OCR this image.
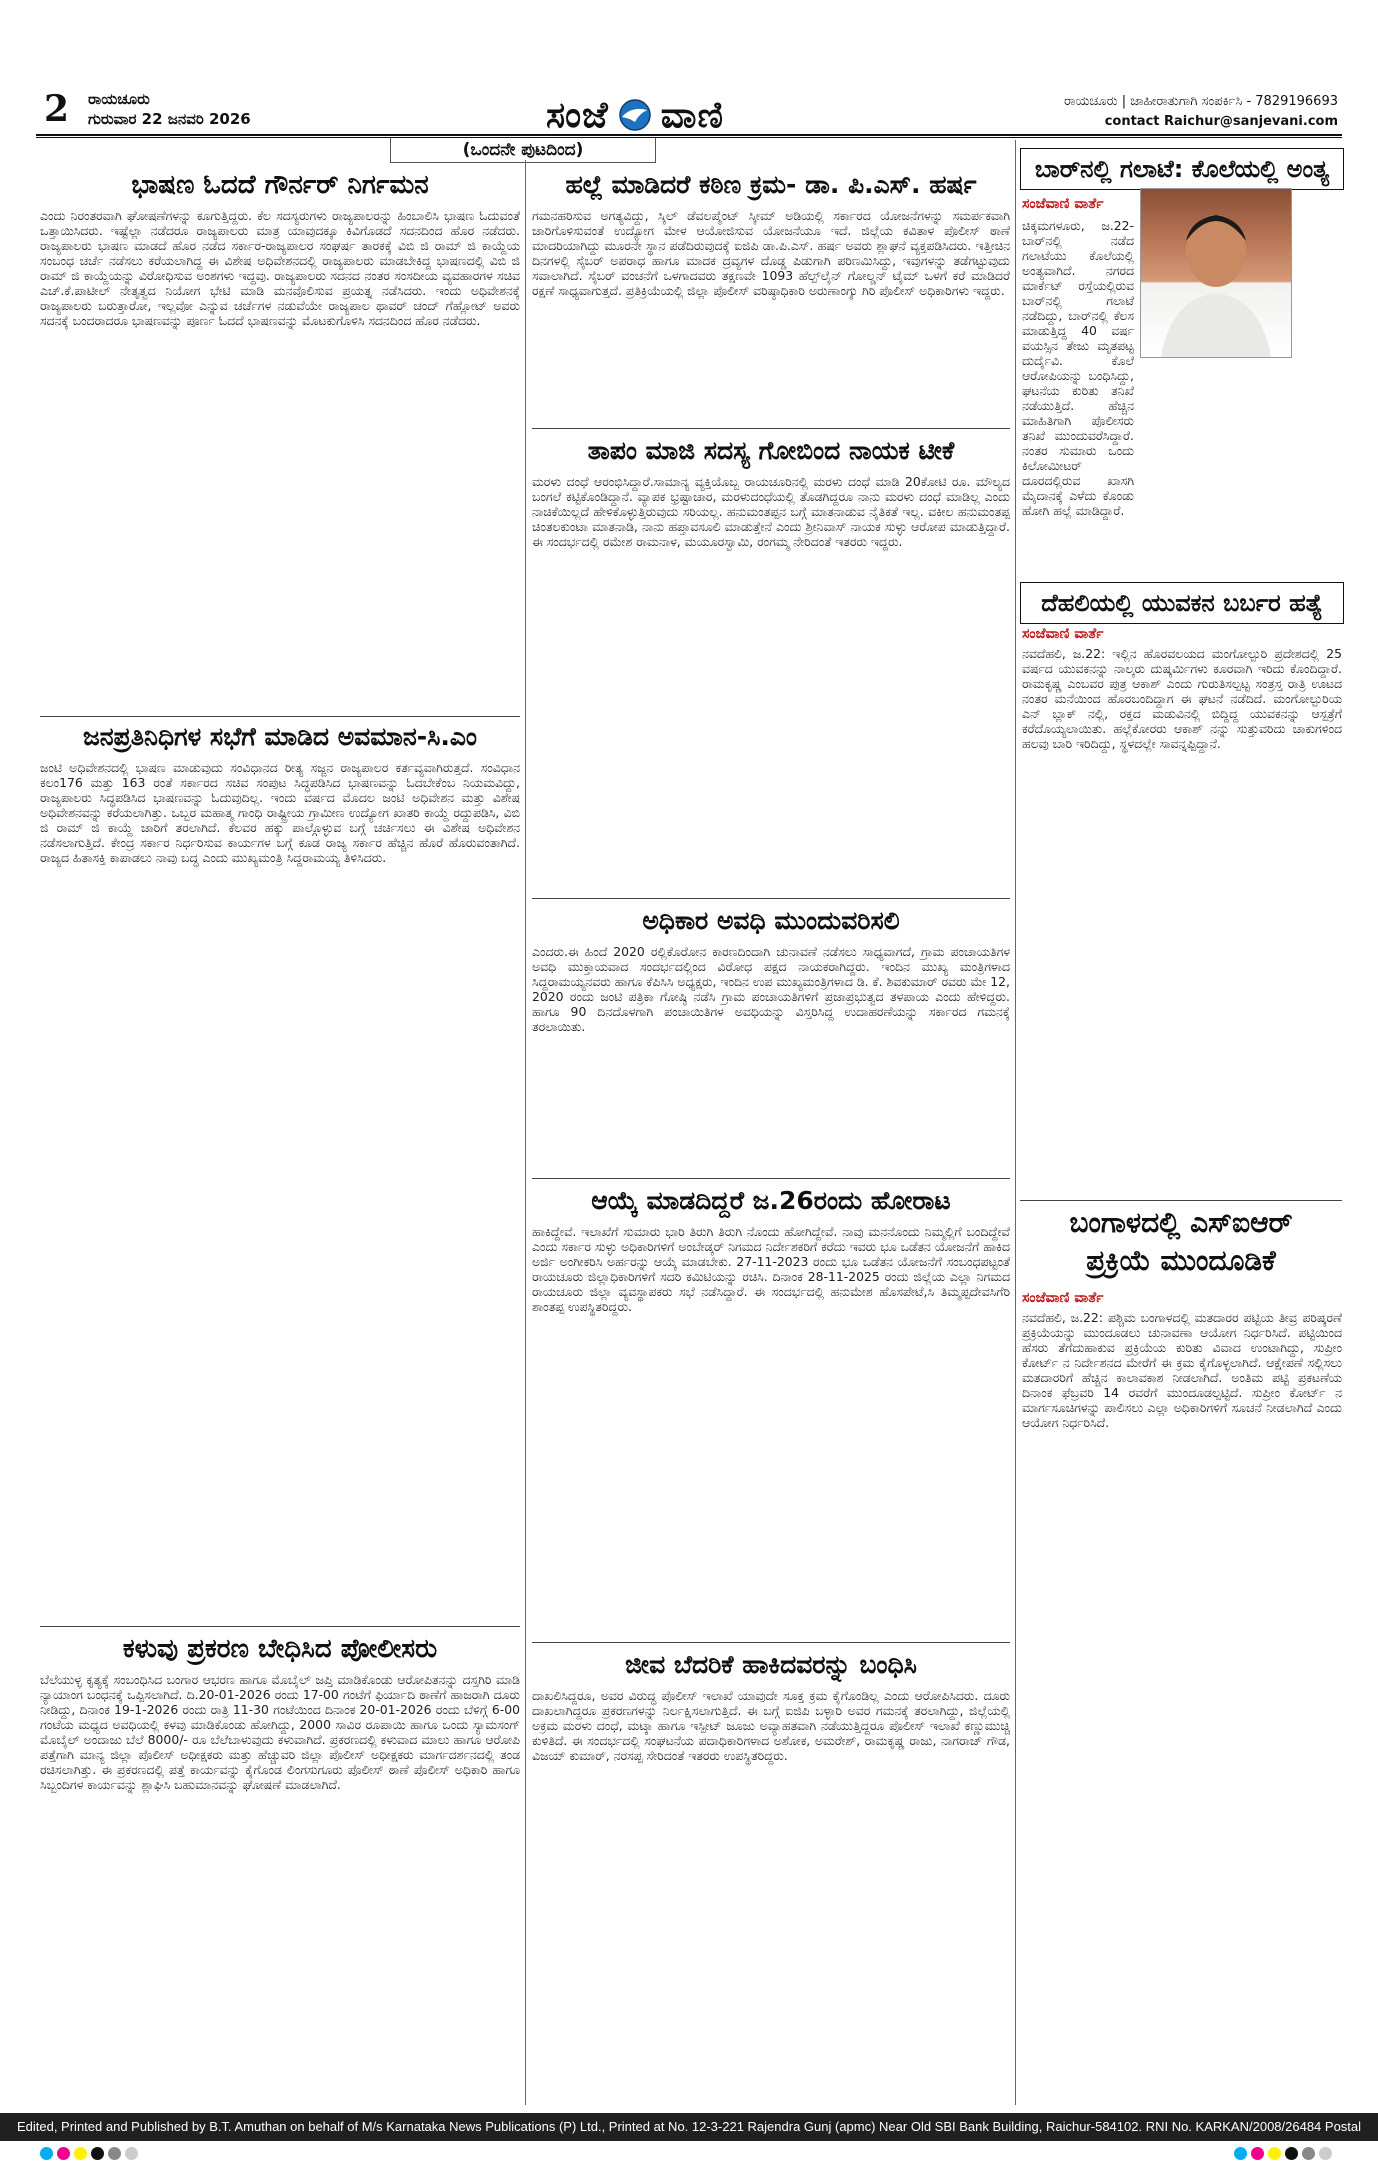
2 ರಾಯಚೂರು
ಗುರುವಾರ 22 ಜನವರಿ 2026	ಸಂಜೆ ವಾಣಿ	ರಾಯಚೂರು | ಜಾಹೀರಾತುಗಾಗಿ ಸಂಪರ್ಕಿಸಿ - 7829196693
contact Raichur@sanjevani.com
(ಒಂದನೇ ಪುಟದಿಂದ)
ಭಾಷಣ ಓದದೆ ಗೌರ್ನರ್ ನಿರ್ಗಮನ
ಎಂದು ನಿರಂತರವಾಗಿ ಘೋಷಣೆಗಳನ್ನು ಕೂಗುತ್ತಿದ್ದರು. ಕೆಲ ಸದಸ್ಯರುಗಳು ರಾಜ್ಯಪಾಲರನ್ನು ಹಿಂಬಾಲಿಸಿ ಭಾಷಣ ಓದುವಂತೆ ಒತ್ತಾಯಿಸಿದರು. ಇಷ್ಟೆಲ್ಲಾ ನಡೆದರೂ ರಾಜ್ಯಪಾಲರು ಮಾತ್ರ ಯಾವುದಕ್ಕೂ ಕಿವಿಗೊಡದೆ ಸದನದಿಂದ ಹೊರ ನಡೆದರು. ರಾಜ್ಯಪಾಲರು ಭಾಷಣ ಮಾಡದೆ ಹೊರ ನಡೆದ ಸರ್ಕಾರ-ರಾಜ್ಯಪಾಲರ ಸಂಘರ್ಷ ತಾರಕಕ್ಕೆ ವಿಬಿ ಜಿ ರಾಮ್ ಜಿ ಕಾಯ್ದೆಯ ಸಂಬಂಧ ಚರ್ಚೆ ನಡೆಸಲು ಕರೆಯಲಾಗಿದ್ದ ಈ ವಿಶೇಷ ಅಧಿವೇಶನದಲ್ಲಿ ರಾಜ್ಯಪಾಲರು ಮಾಡಬೇಕಿದ್ದ ಭಾಷಣದಲ್ಲಿ ವಿಬಿ ಜಿ ರಾಮ್ ಜಿ ಕಾಯ್ದೆಯನ್ನು ವಿರೋಧಿಸುವ ಅಂಶಗಳು ಇದ್ದವು. ರಾಜ್ಯಪಾಲರು ಸದನದ ನಂತರ ಸಂಸದೀಯ ವ್ಯವಹಾರಗಳ ಸಚಿವ ಎಚ್.ಕೆ.ಪಾಟೀಲ್ ನೇತೃತ್ವದ ನಿಯೋಗ ಭೇಟಿ ಮಾಡಿ ಮನವೊಲಿಸುವ ಪ್ರಯತ್ನ ನಡೆಸಿದರು. ಇಂದು ಅಧಿವೇಶನಕ್ಕೆ ರಾಜ್ಯಪಾಲರು ಬರುತ್ತಾರೋ, ಇಲ್ಲವೋ ಎನ್ನುವ ಚರ್ಚೆಗಳ ನಡುವೆಯೇ ರಾಜ್ಯಪಾಲ ಥಾವರ್ ಚಂದ್ ಗೆಹ್ಲೋಟ್ ಅವರು ಸದನಕ್ಕೆ ಬಂದರಾದರೂ ಭಾಷಣವನ್ನು ಪೂರ್ಣ ಓದದೆ ಭಾಷಣವನ್ನು ಮೊಟಕುಗೊಳಿಸಿ ಸದನದಿಂದ ಹೊರ ನಡೆದರು.
ಜನಪ್ರತಿನಿಧಿಗಳ ಸಭೆಗೆ ಮಾಡಿದ ಅವಮಾನ-ಸಿ.ಎಂ
ಜಂಟಿ ಅಧಿವೇಶನದಲ್ಲಿ ಭಾಷಣ ಮಾಡುವುದು ಸಂವಿಧಾನದ ರೀತ್ಯ ಸಜ್ಜನ ರಾಜ್ಯಪಾಲರ ಕರ್ತವ್ಯವಾಗಿರುತ್ತದೆ. ಸಂವಿಧಾನ ಕಲಂ176 ಮತ್ತು 163 ರಂತೆ ಸರ್ಕಾರದ ಸಚಿವ ಸಂಪುಟ ಸಿದ್ಧಪಡಿಸಿದ ಭಾಷಣವನ್ನು ಓದಬೇಕೆಂಬ ನಿಯಮವಿದ್ದು, ರಾಜ್ಯಪಾಲರು ಸಿದ್ಧಪಡಿಸಿದ ಭಾಷಣವನ್ನು ಓದುವುದಿಲ್ಲ. ಇಂದು ವರ್ಷದ ಮೊದಲ ಜಂಟಿ ಅಧಿವೇಶನ ಮತ್ತು ವಿಶೇಷ ಅಧಿವೇಶನವನ್ನು ಕರೆಯಲಾಗಿತ್ತು. ಒಬ್ಬರ ಮಹಾತ್ಮ ಗಾಂಧಿ ರಾಷ್ಟ್ರೀಯ ಗ್ರಾಮೀಣ ಉದ್ಯೋಗ ಖಾತರಿ ಕಾಯ್ದೆ ರದ್ದುಪಡಿಸಿ, ವಿಬಿ ಜಿ ರಾಮ್ ಜಿ ಕಾಯ್ದೆ ಜಾರಿಗೆ ತರಲಾಗಿದೆ. ಕೆಲವರ ಹಕ್ಕು ಪಾಲ್ಗೊಳ್ಳುವ ಬಗ್ಗೆ ಚರ್ಚಿಸಲು ಈ ವಿಶೇಷ ಅಧಿವೇಶನ ನಡೆಸಲಾಗುತ್ತಿದೆ. ಕೇಂದ್ರ ಸರ್ಕಾರ ನಿರ್ಧರಿಸುವ ಕಾರ್ಯಗಳ ಬಗ್ಗೆ ಕೂಡ ರಾಜ್ಯ ಸರ್ಕಾರ ಹೆಚ್ಚಿನ ಹೊರೆ ಹೊರುವಂತಾಗಿದೆ. ರಾಜ್ಯದ ಹಿತಾಸಕ್ತಿ ಕಾಪಾಡಲು ನಾವು ಬದ್ಧ ಎಂದು ಮುಖ್ಯಮಂತ್ರಿ ಸಿದ್ದರಾಮಯ್ಯ ತಿಳಿಸಿದರು.
ಕಳುವು ಪ್ರಕರಣ ಬೇಧಿಸಿದ ಪೋಲೀಸರು
ಬೆಲೆಯುಳ್ಳ ಕೃತ್ಯಕ್ಕೆ ಸಂಬಂಧಿಸಿದ ಬಂಗಾರ ಆಭರಣ ಹಾಗೂ ಮೊಬೈಲ್ ಜಪ್ತಿ ಮಾಡಿಕೊಂಡು ಆರೋಪಿತನನ್ನು ದಸ್ತಗಿರಿ ಮಾಡಿ ನ್ಯಾಯಾಂಗ ಬಂಧನಕ್ಕೆ ಒಪ್ಪಿಸಲಾಗಿದೆ. ದಿ.20-01-2026 ರಂದು 17-00 ಗಂಟೆಗೆ ಫಿರ್ಯಾದಿ ಠಾಣೆಗೆ ಹಾಜರಾಗಿ ದೂರು ನೀಡಿದ್ದು, ದಿನಾಂಕ 19-1-2026 ರಂದು ರಾತ್ರಿ 11-30 ಗಂಟೆಯಿಂದ ದಿನಾಂಕ 20-01-2026 ರಂದು ಬೆಳಿಗ್ಗೆ 6-00 ಗಂಟೆಯ ಮಧ್ಯದ ಅವಧಿಯಲ್ಲಿ ಕಳವು ಮಾಡಿಕೊಂಡು ಹೋಗಿದ್ದು, 2000 ಸಾವಿರ ರೂಪಾಯಿ ಹಾಗೂ ಒಂದು ಸ್ಯಾಮಸಂಗ್ ಮೊಬೈಲ್ ಅಂದಾಜು ಬೆಲೆ 8000/- ರೂ ಬೆಲೆಬಾಳುವುದು ಕಳುವಾಗಿದೆ. ಪ್ರಕರಣದಲ್ಲಿ ಕಳುವಾದ ಮಾಲು ಹಾಗೂ ಆರೋಪಿ ಪತ್ತೆಗಾಗಿ ಮಾನ್ಯ ಜಿಲ್ಲಾ ಪೊಲೀಸ್ ಅಧೀಕ್ಷಕರು ಮತ್ತು ಹೆಚ್ಚುವರಿ ಜಿಲ್ಲಾ ಪೊಲೀಸ್ ಅಧೀಕ್ಷಕರು ಮಾರ್ಗದರ್ಶನದಲ್ಲಿ ತಂಡ ರಚಿಸಲಾಗಿತ್ತು. ಈ ಪ್ರಕರಣದಲ್ಲಿ ಪತ್ತೆ ಕಾರ್ಯವನ್ನು ಕೈಗೊಂಡ ಲಿಂಗಸುಗೂರು ಪೊಲೀಸ್ ಠಾಣೆ ಪೊಲೀಸ್ ಅಧಿಕಾರಿ ಹಾಗೂ ಸಿಬ್ಬಂದಿಗಳ ಕಾರ್ಯವನ್ನು ಶ್ಲಾಘಿಸಿ ಬಹುಮಾನವನ್ನು ಘೋಷಣೆ ಮಾಡಲಾಗಿದೆ.
ಹಲ್ಲೆ ಮಾಡಿದರೆ ಕಠಿಣ ಕ್ರಮ- ಡಾ. ಪಿ.ಎಸ್. ಹರ್ಷ
ಗಮನಹರಿಸುವ ಅಗತ್ಯವಿದ್ದು, ಸ್ಕಿಲ್ ಡೆವಲಪ್ಮೆಂಟ್ ಸ್ಕೀಮ್ ಅಡಿಯಲ್ಲಿ ಸರ್ಕಾರದ ಯೋಜನೆಗಳನ್ನು ಸಮರ್ಪಕವಾಗಿ ಜಾರಿಗೊಳಿಸುವಂತೆ ಉದ್ಯೋಗ ಮೇಳ ಆಯೋಜಿಸುವ ಯೋಜನೆಯೂ ಇದೆ. ಜಿಲ್ಲೆಯ ಕವಿತಾಳ ಪೊಲೀಸ್ ಠಾಣೆ ಮಾದರಿಯಾಗಿದ್ದು ಮೂರನೇ ಸ್ಥಾನ ಪಡೆದಿರುವುದಕ್ಕೆ ಐಜಿಪಿ ಡಾ.ಪಿ.ಎಸ್. ಹರ್ಷ ಅವರು ಶ್ಲಾಘನೆ ವ್ಯಕ್ತಪಡಿಸಿದರು. ಇತ್ತೀಚಿನ ದಿನಗಳಲ್ಲಿ ಸೈಬರ್ ಅಪರಾಧ ಹಾಗೂ ಮಾದಕ ದ್ರವ್ಯಗಳ ದೊಡ್ಡ ಪಿಡುಗಾಗಿ ಪರಿಣಮಿಸಿದ್ದು, ಇವುಗಳನ್ನು ತಡೆಗಟ್ಟುವುದು ಸವಾಲಾಗಿದೆ. ಸೈಬರ್ ವಂಚನೆಗೆ ಒಳಗಾದವರು ತಕ್ಷಣವೇ 1093 ಹೆಲ್ಪ್‌ಲೈನ್ ಗೋಲ್ಡನ್ ಟೈಮ್ ಒಳಗೆ ಕರೆ ಮಾಡಿದರೆ ರಕ್ಷಣೆ ಸಾಧ್ಯವಾಗುತ್ತದೆ. ಪ್ರತಿಕ್ರಿಯೆಯಲ್ಲಿ ಜಿಲ್ಲಾ ಪೊಲೀಸ್ ವರಿಷ್ಠಾಧಿಕಾರಿ ಅರುಣಾಂಗ್ಶು ಗಿರಿ ಪೊಲೀಸ್ ಅಧಿಕಾರಿಗಳು ಇದ್ದರು.
ತಾಪಂ ಮಾಜಿ ಸದಸ್ಯ ಗೋಬಿಂದ ನಾಯಕ ಟೀಕೆ
ಮರಳು ದಂಧೆ ಆರಂಭಿಸಿದ್ದಾರೆ.ಸಾಮಾನ್ಯ ವ್ಯಕ್ತಿಯೊಬ್ಬ ರಾಯಚೂರಿನಲ್ಲಿ ಮರಳು ದಂಧೆ ಮಾಡಿ 20ಕೋಟಿ ರೂ. ಮೌಲ್ಯದ ಬಂಗಲೆ ಕಟ್ಟಿಕೊಂಡಿದ್ದಾನೆ. ವ್ಯಾಪಕ ಭ್ರಷ್ಟಾಚಾರ, ಮರಳುದಂಧೆಯಲ್ಲಿ ತೊಡಗಿದ್ದರೂ ನಾನು ಮರಳು ದಂಧೆ ಮಾಡಿಲ್ಲ ಎಂದು ನಾಚಿಕೆಯಿಲ್ಲದೆ ಹೇಳಿಕೊಳ್ಳುತ್ತಿರುವುದು ಸರಿಯಲ್ಲ. ಹನುಮಂತಪ್ಪನ ಬಗ್ಗೆ ಮಾತನಾಡುವ ನೈತಿಕತೆ ಇಲ್ಲ. ವಕೀಲ ಹನುಮಂತಪ್ಪ ಚಿಂತಲಕುಂಟಾ ಮಾತನಾಡಿ, ನಾನು ಹಪ್ತಾವಸೂಲಿ ಮಾಡುತ್ತೇನೆ ಎಂದು ಶ್ರೀನಿವಾಸ್ ನಾಯಕ ಸುಳ್ಳು ಆರೋಪ ಮಾಡುತ್ತಿದ್ದಾರೆ. ಈ ಸಂದರ್ಭದಲ್ಲಿ ರಮೇಶ ರಾಮನಾಳ, ಮಯೂರಸ್ವಾಮಿ, ರಂಗಮ್ಮ ನೇರಿದಂತೆ ಇತರರು ಇದ್ದರು.
ಅಧಿಕಾರ ಅವಧಿ ಮುಂದುವರಿಸಲಿ
ಎಂದರು.ಈ ಹಿಂದೆ 2020 ರಲ್ಲಿಕೊರೋನ ಕಾರಣದಿಂದಾಗಿ ಚುನಾವಣೆ ನಡೆಸಲು ಸಾಧ್ಯವಾಗದೆ, ಗ್ರಾಮ ಪಂಚಾಯತಿಗಳ ಅವಧಿ ಮುಕ್ತಾಯವಾದ ಸಂದರ್ಭದಲ್ಲಿಂದ ವಿರೋಧ ಪಕ್ಷದ ನಾಯಕರಾಗಿದ್ದರು. ಇಂದಿನ ಮುಖ್ಯ ಮಂತ್ರಿಗಳಾದ ಸಿದ್ದರಾಮಯ್ಯನವರು ಹಾಗೂ ಕೆಪಿಸಿಸಿ ಅಧ್ಯಕ್ಷರು, ಇಂದಿನ ಉಪ ಮುಖ್ಯಮಂತ್ರಿಗಳಾದ ಡಿ. ಕೆ. ಶಿವಕುಮಾರ್ ರವರು ಮೇ 12, 2020 ರಂದು ಜಂಟಿ ಪತ್ರಿಕಾ ಗೋಷ್ಠಿ ನಡೆಸಿ ಗ್ರಾಮ ಪಂಚಾಯತಿಗಳಿಗೆ ಪ್ರಜಾಪ್ರಭುತ್ವದ ತಳಪಾಯ ಎಂದು ಹೇಳಿದ್ದರು. ಹಾಗೂ 90 ದಿನದೊಳಗಾಗಿ ಪಂಚಾಯಿತಿಗಳ ಅವಧಿಯನ್ನು ವಿಸ್ತರಿಸಿದ್ದ ಉದಾಹರಣೆಯನ್ನು ಸರ್ಕಾರದ ಗಮನಕ್ಕೆ ತರಲಾಯಿತು.
ಆಯ್ಕೆ ಮಾಡದಿದ್ದರೆ ಜ.26ರಂದು ಹೋರಾಟ
ಹಾಕಿದ್ದೇವೆ. ಇಲಾಖೆಗೆ ಸುಮಾರು ಭಾರಿ ತಿರುಗಿ ತಿರುಗಿ ನೊಂದು ಹೋಗಿದ್ದೇವೆ. ನಾವು ಮನನೊಂದು ನಿಮ್ಮಲ್ಲಿಗೆ ಬಂದಿದ್ದೇವೆ ಎಂದು ಸರ್ಕಾರ ಸುಳ್ಳು ಅಧಿಕಾರಿಗಳಿಗೆ ಅಂಬೇಡ್ಕರ್ ನಿಗಮದ ನಿರ್ದೇಶಕರಿಗೆ ಕರೆದು ಇವರು ಭೂ ಒಡೆತನ ಯೋಜನೆಗೆ ಹಾಕಿದ ಅರ್ಜಿ ಅಂಗೀಕರಿಸಿ ಅರ್ಹರನ್ನು ಆಯ್ಕೆ ಮಾಡಬೇಕು. 27-11-2023 ರಂದು ಭೂ ಒಡೆತನ ಯೋಜನೆಗೆ ಸಂಬಂಧಪಟ್ಟಂತೆ ರಾಯಚೂರು ಜಿಲ್ಲಾಧಿಕಾರಿಗಳಿಗೆ ಸದರಿ ಕಮಿಟಿಯನ್ನು ರಚಿಸಿ. ದಿನಾಂಕ 28-11-2025 ರಂದು ಜಿಲ್ಲೆಯ ಎಲ್ಲಾ ನಿಗಮದ ರಾಯಚೂರು ಜಿಲ್ಲಾ ವ್ಯವಸ್ಥಾಪಕರು ಸಭೆ ನಡೆಸಿದ್ದಾರೆ. ಈ ಸಂದರ್ಭದಲ್ಲಿ ಹನುಮೇಶ ಹೊಸಪೇಟೆ,ಸಿ ತಿಮ್ಮಪ್ಪದೇವಸಿಗೆರಿ ಶಾಂತಪ್ಪ ಉಪಸ್ಥಿತರಿದ್ದರು.
ಜೀವ ಬೆದರಿಕೆ ಹಾಕಿದವರನ್ನು ಬಂಧಿಸಿ
ದಾಖಲಿಸಿದ್ದರೂ, ಅವರ ವಿರುದ್ಧ ಪೊಲೀಸ್ ಇಲಾಖೆ ಯಾವುದೇ ಸೂಕ್ತ ಕ್ರಮ ಕೈಗೊಂಡಿಲ್ಲ ಎಂದು ಆರೋಪಿಸಿದರು. ದೂರು ದಾಖಲಾಗಿದ್ದರೂ ಪ್ರಕರಣಗಳನ್ನು ನಿರ್ಲಕ್ಷಿಸಲಾಗುತ್ತಿದೆ. ಈ ಬಗ್ಗೆ ಐಜಿಪಿ ಬಳ್ಳಾರಿ ಅವರ ಗಮನಕ್ಕೆ ತರಲಾಗಿದ್ದು, ಜಿಲ್ಲೆಯಲ್ಲಿ ಅಕ್ರಮ ಮರಳು ದಂಧೆ, ಮಟ್ಕಾ ಹಾಗೂ ಇಸ್ಪೀಟ್ ಜೂಜು ಅವ್ಯಾಹತವಾಗಿ ನಡೆಯುತ್ತಿದ್ದರೂ ಪೊಲೀಸ್ ಇಲಾಖೆ ಕಣ್ಣುಮುಚ್ಚಿ ಕುಳಿತಿದೆ. ಈ ಸಂದರ್ಭದಲ್ಲಿ ಸಂಘಟನೆಯ ಪದಾಧಿಕಾರಿಗಳಾದ ಅಶೋಕ, ಅಮರೇಶ್, ರಾಮಕೃಷ್ಣ ರಾಜು, ನಾಗರಾಜ್ ಗೌಡ, ವಿಜಯ್ ಕುಮಾರ್, ನರಸಪ್ಪ ಸೇರಿದಂತೆ ಇತರರು ಉಪಸ್ಥಿತರಿದ್ದರು.
ಬಾರ್‌ನಲ್ಲಿ ಗಲಾಟೆ: ಕೊಲೆಯಲ್ಲಿ ಅಂತ್ಯ
ಸಂಜೆವಾಣಿ ವಾರ್ತೆ
ಚಿಕ್ಕಮಗಳೂರು, ಜ.22- ಬಾರ್‌ನಲ್ಲಿ ನಡೆದ ಗಲಾಟೆಯು ಕೊಲೆಯಲ್ಲಿ ಅಂತ್ಯವಾಗಿದೆ. ನಗರದ ಮಾರ್ಕೆಟ್ ರಸ್ತೆಯಲ್ಲಿರುವ ಬಾರ್‌ನಲ್ಲಿ ಗಲಾಟೆ ನಡೆದಿದ್ದು, ಬಾರ್‌ನಲ್ಲಿ ಕೆಲಸ ಮಾಡುತ್ತಿದ್ದ 40 ವರ್ಷ ವಯಸ್ಸಿನ ತೇಜು ಮೃತಪಟ್ಟ ದುರ್ದೈವಿ. ಕೊಲೆ ಆರೋಪಿಯನ್ನು ಬಂಧಿಸಿದ್ದು, ಘಟನೆಯ ಕುರಿತು ತನಿಖೆ ನಡೆಯುತ್ತಿದೆ. ಹೆಚ್ಚಿನ ಮಾಹಿತಿಗಾಗಿ ಪೊಲೀಸರು ತನಿಖೆ ಮುಂದುವರೆಸಿದ್ದಾರೆ. ನಂತರ ಸುಮಾರು ಒಂದು ಕಿಲೋಮೀಟರ್ ದೂರದಲ್ಲಿರುವ ಖಾಸಗಿ ಮೈದಾನಕ್ಕೆ ಎಳೆದು ಕೊಂಡು ಹೋಗಿ ಹಲ್ಲೆ ಮಾಡಿದ್ದಾರೆ.
ದೆಹಲಿಯಲ್ಲಿ ಯುವಕನ ಬರ್ಬರ ಹತ್ಯೆ
ಸಂಜೆವಾಣಿ ವಾರ್ತೆ
ನವದೆಹಲಿ, ಜ.22: ಇಲ್ಲಿನ ಹೊರವಲಯದ ಮಂಗೋಲ್ಪುರಿ ಪ್ರದೇಶದಲ್ಲಿ 25 ವರ್ಷದ ಯುವಕನನ್ನು ನಾಲ್ಕರು ದುಷ್ಕರ್ಮಿಗಳು ಕೂರವಾಗಿ ಇರಿದು ಕೊಂದಿದ್ದಾರೆ. ರಾಮಕೃಷ್ಣ ಎಂಬವರ ಪುತ್ರ ಆಕಾಶ್ ಎಂದು ಗುರುತಿಸಲ್ಪಟ್ಟ ಸಂತ್ರಸ್ತ ರಾತ್ರಿ ಊಟದ ನಂತರ ಮನೆಯಿಂದ ಹೊರಬಂದಿದ್ದಾಗ ಈ ಘಟನೆ ನಡೆದಿದೆ. ಮಂಗೋಲ್ಪುರಿಯ ಎನ್ ಬ್ಲಾಕ್ ನಲ್ಲಿ, ರಕ್ತದ ಮಡುವಿನಲ್ಲಿ ಬಿದ್ದಿದ್ದ ಯುವಕನನ್ನು ಆಸ್ಪತ್ರೆಗೆ ಕರೆದೊಯ್ಯಲಾಯಿತು. ಹಲ್ಲೆಕೋರರು ಆಕಾಶ್ ನನ್ನು ಸುತ್ತುವರಿದು ಚಾಕುಗಳಿಂದ ಹಲವು ಬಾರಿ ಇರಿದಿದ್ದು, ಸ್ಥಳದಲ್ಲೇ ಸಾವನ್ನಪ್ಪಿದ್ದಾನೆ.
ಬಂಗಾಳದಲ್ಲಿ ಎಸ್‌ಐಆರ್
ಪ್ರಕ್ರಿಯೆ ಮುಂದೂಡಿಕೆ
ಸಂಜೆವಾಣಿ ವಾರ್ತೆ
ನವದೆಹಲಿ, ಜ.22: ಪಶ್ಚಿಮ ಬಂಗಾಳದಲ್ಲಿ ಮತದಾರರ ಪಟ್ಟಿಯ ತೀವ್ರ ಪರಿಷ್ಕರಣೆ ಪ್ರಕ್ರಿಯೆಯನ್ನು ಮುಂದೂಡಲು ಚುನಾವಣಾ ಆಯೋಗ ನಿರ್ಧರಿಸಿದೆ. ಪಟ್ಟಿಯಿಂದ ಹೆಸರು ತೆಗೆದುಹಾಕುವ ಪ್ರಕ್ರಿಯೆಯ ಕುರಿತು ವಿವಾದ ಉಂಟಾಗಿದ್ದು, ಸುಪ್ರೀಂ ಕೋರ್ಟ್ ನ ನಿರ್ದೇಶನದ ಮೇರೆಗೆ ಈ ಕ್ರಮ ಕೈಗೊಳ್ಳಲಾಗಿದೆ. ಆಕ್ಷೇಪಣೆ ಸಲ್ಲಿಸಲು ಮತದಾರರಿಗೆ ಹೆಚ್ಚಿನ ಕಾಲಾವಕಾಶ ನೀಡಲಾಗಿದೆ. ಅಂತಿಮ ಪಟ್ಟಿ ಪ್ರಕಟಣೆಯ ದಿನಾಂಕ ಫೆಬ್ರವರಿ 14 ರವರೆಗೆ ಮುಂದೂಡಲ್ಪಟ್ಟಿದೆ. ಸುಪ್ರೀಂ ಕೋರ್ಟ್ ನ ಮಾರ್ಗಸೂಚಿಗಳನ್ನು ಪಾಲಿಸಲು ಎಲ್ಲಾ ಅಧಿಕಾರಿಗಳಿಗೆ ಸೂಚನೆ ನೀಡಲಾಗಿದೆ ಎಂದು ಆಯೋಗ ನಿರ್ಧರಿಸಿದೆ.
Edited, Printed and Published by B.T. Amuthan on behalf of M/s Karnataka News Publications (P) Ltd., Printed at No. 12-3-221 Rajendra Gunj (apmc) Near Old SBI Bank Building, Raichur-584102. RNI No. KARKAN/2008/26484 Postal Regd No. 52/2012-2014
